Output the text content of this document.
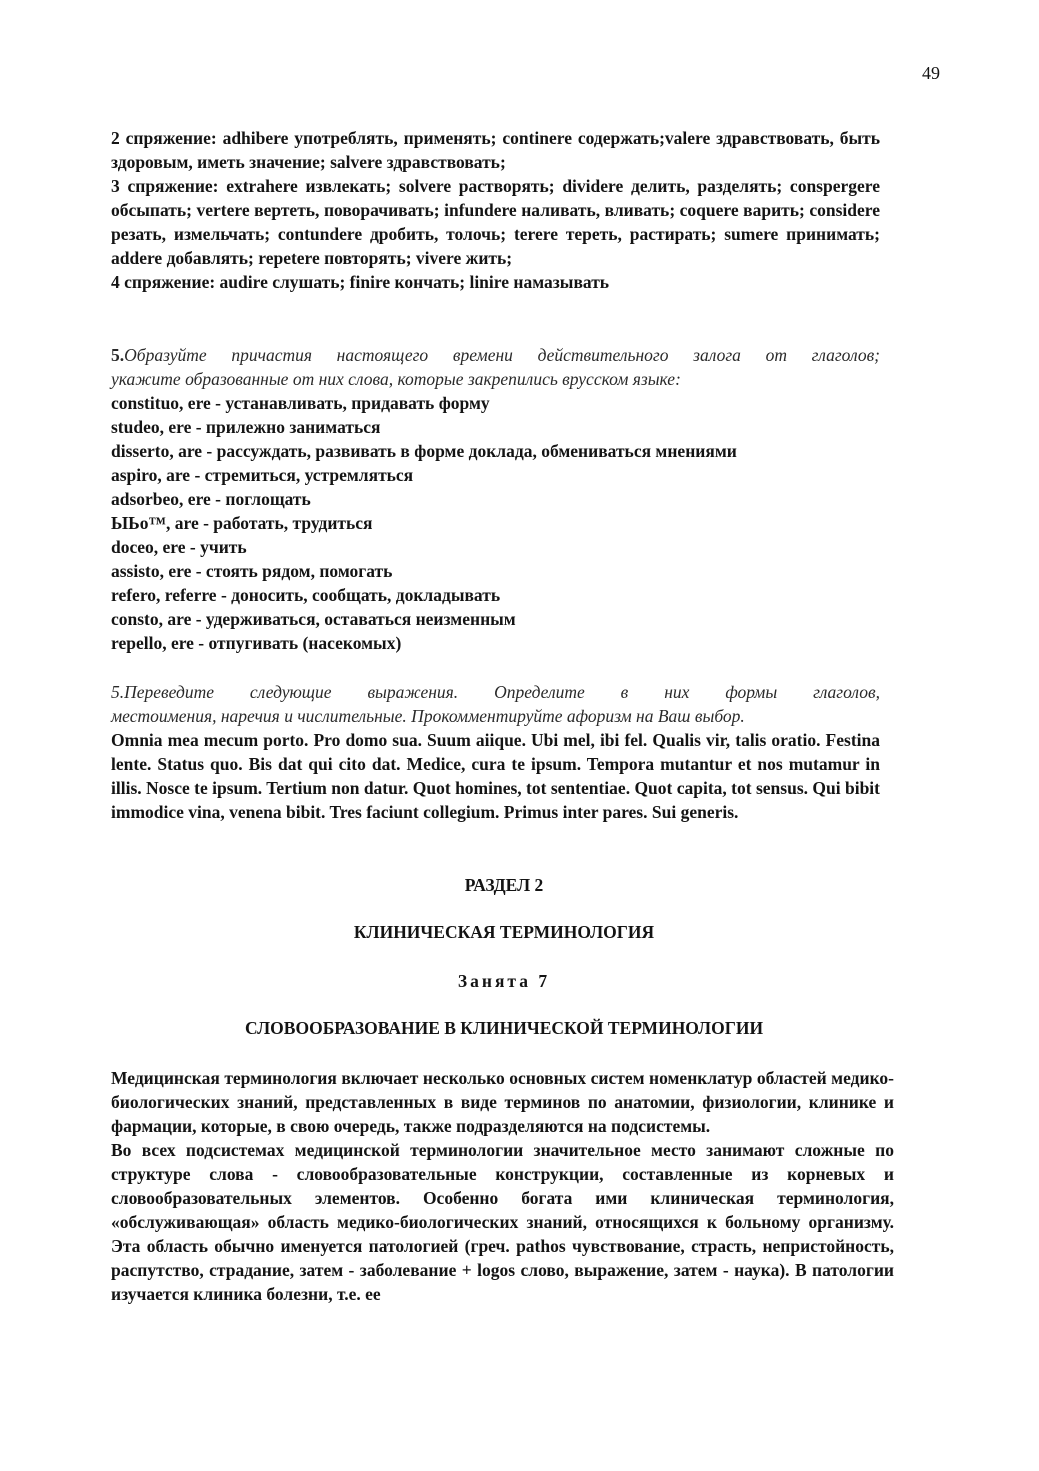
49

2 спряжение: adhibere употреблять, применять; continere содержать;valere здравствовать, быть здоровым, иметь значение; salvere здравствовать;

3 спряжение: extrahere извлекать; solvere растворять; dividere делить, разделять; conspergere обсыпать; vertere вертеть, поворачивать; infundere наливать, вливать; coquere варить; considere резать, измельчать; contundere дробить, толочь; terere тереть, растирать; sumere принимать; addere добавлять; repetere повторять; vivere жить;

4 спряжение: audire слушать; finire кончать; linire намазывать

5.Образуйте причастия настоящего времени действительного залога от глаголов;

укажите образованные от них слова, которые закрепились врусском языке:

constituo, ere - устанавливать, придавать форму
studeo, ere - прилежно заниматься
disserto, are - рассуждать, развивать в форме доклада, обмениваться мнениями
aspiro, are - стремиться, устремляться
adsorbeo, ere - поглощать
ЫЬо™, are - работать, трудиться
doceo, ere - учить
assisto, ere - стоять рядом, помогать
refero, referre - доносить, сообщать, докладывать
consto, are - удерживаться, оставаться неизменным
repello, ere - отпугивать (насекомых)

5.Переведите следующие выражения. Определите в них формы глаголов,

местоимения, наречия и числительные. Прокомментируйте афоризм на Ваш выбор.

Omnia mea mecum porto. Pro domo sua. Suum aiique. Ubi mel, ibi fel. Qualis vir, talis oratio. Festina lente. Status quo. Bis dat qui cito dat. Medice, cura te ipsum. Tempora mutantur et nos mutamur in illis. Nosce te ipsum. Tertium non datur. Quot homines, tot sententiae. Quot capita, tot sensus. Qui bibit immodice vina, venena bibit. Tres faciunt collegium. Primus inter pares. Sui generis.

РАЗДЕЛ 2
КЛИНИЧЕСКАЯ ТЕРМИНОЛОГИЯ
Занята 7
СЛОВООБРАЗОВАНИЕ В КЛИНИЧЕСКОЙ ТЕРМИНОЛОГИИ

Медицинская терминология включает несколько основных систем номенклатур областей медико-биологических знаний, представленных в виде терминов по анатомии, физиологии, клинике и фармации, которые, в свою очередь, также подразделяются на подсистемы.

Во всех подсистемах медицинской терминологии значительное место занимают сложные по структуре слова - словообразовательные конструкции, составленные из корневых и словообразовательных элементов. Особенно богата ими клиническая терминология, «обслуживающая» область медико-биологических знаний, относящихся к больному организму. Эта область обычно именуется патологией (греч. pathos чувствование, страсть, непристойность, распутство, страдание, затем - заболевание + logos слово, выражение, затем - наука). В патологии изучается клиника болезни, т.е. ее
